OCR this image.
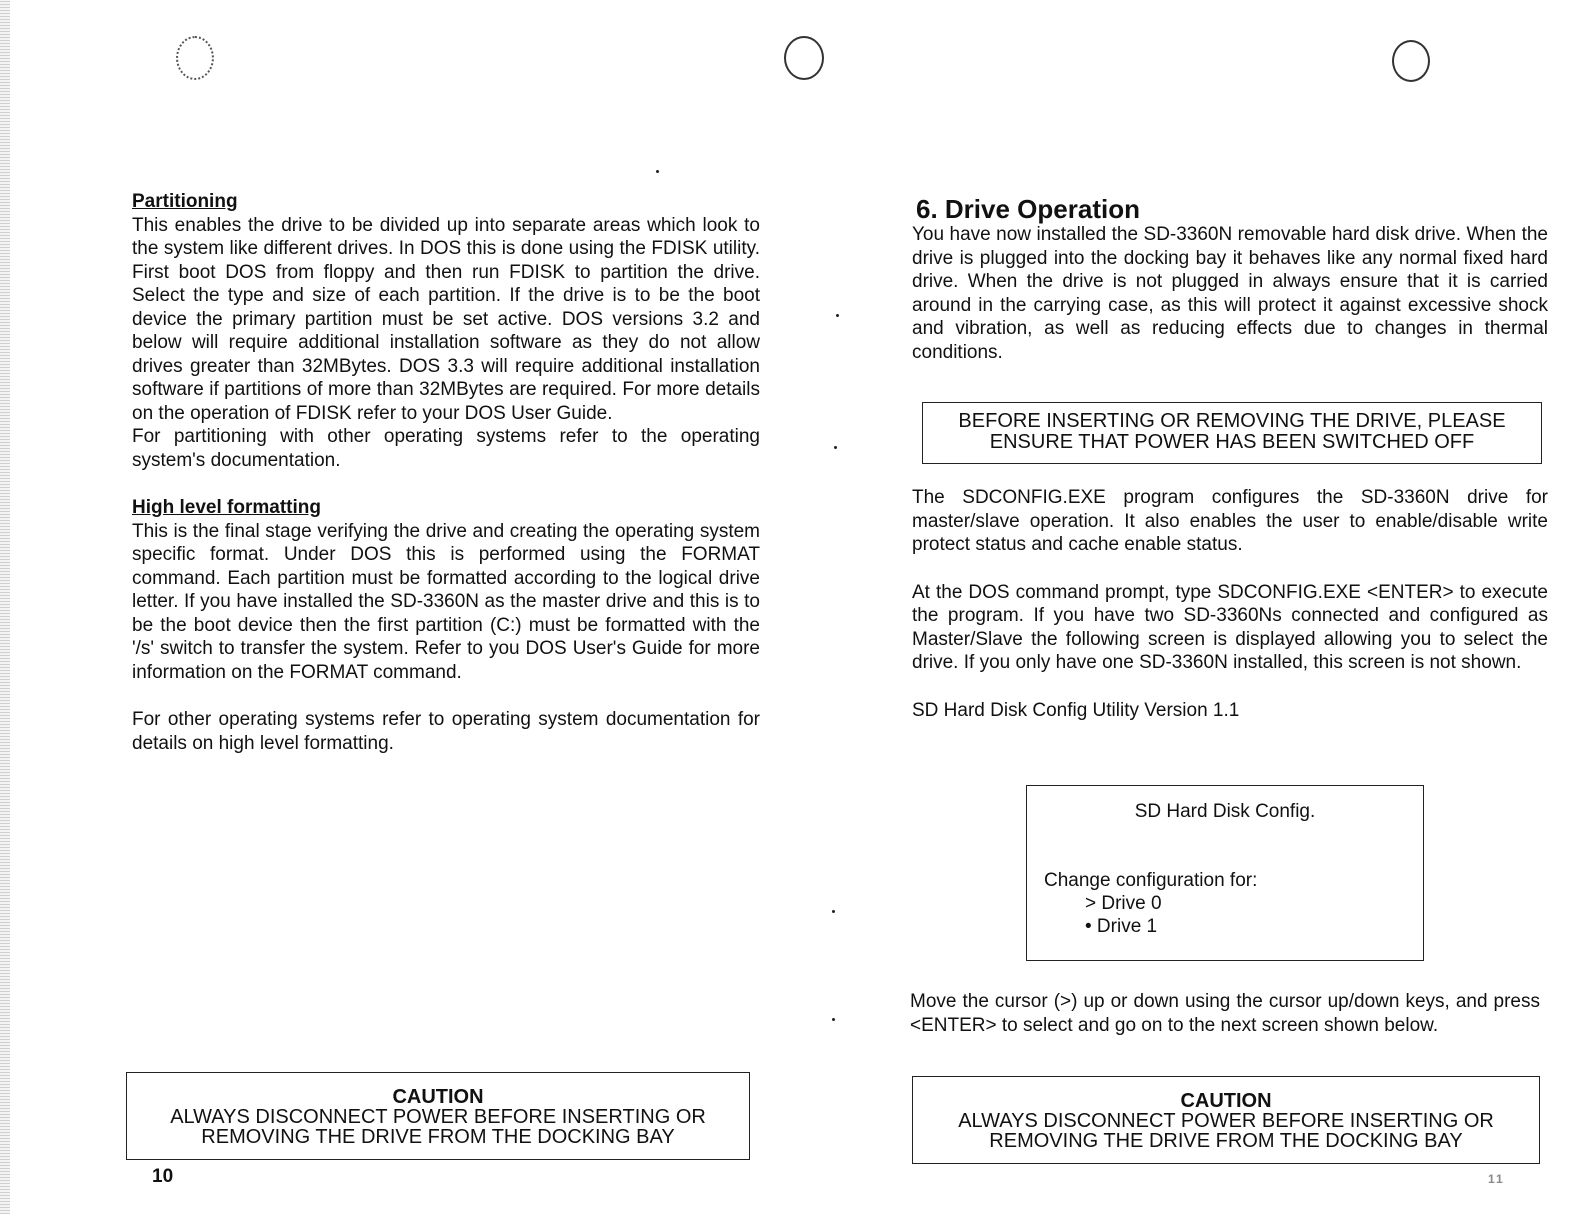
Partitioning

This enables the drive to be divided up into separate areas which look to the system like different drives. In DOS this is done using the FDISK utility. First boot DOS from floppy and then run FDISK to partition the drive. Select the type and size of each partition. If the drive is to be the boot device the primary partition must be set active. DOS versions 3.2 and below will require additional installation software as they do not allow drives greater than 32MBytes. DOS 3.3 will require additional installation software if partitions of more than 32MBytes are required. For more details on the operation of FDISK refer to your DOS User Guide.

For partitioning with other operating systems refer to the operating system's documentation.

High level formatting

This is the final stage verifying the drive and creating the operating system specific format. Under DOS this is performed using the FORMAT command. Each partition must be formatted according to the logical drive letter. If you have installed the SD-3360N as the master drive and this is to be the boot device then the first partition (C:) must be formatted with the '/s' switch to transfer the system. Refer to you DOS User's Guide for more information on the FORMAT command.

For other operating systems refer to operating system documentation for details on high level formatting.

CAUTION
ALWAYS DISCONNECT POWER BEFORE INSERTING OR
REMOVING THE DRIVE FROM THE DOCKING BAY
10
6. Drive Operation

You have now installed the SD-3360N removable hard disk drive. When the drive is plugged into the docking bay it behaves like any normal fixed hard drive. When the drive is not plugged in always ensure that it is carried around in the carrying case, as this will protect it against excessive shock and vibration, as well as reducing effects due to changes in thermal conditions.

BEFORE INSERTING OR REMOVING THE DRIVE, PLEASE
ENSURE THAT POWER HAS BEEN SWITCHED OFF

The SDCONFIG.EXE program configures the SD-3360N drive for master/slave operation. It also enables the user to enable/disable write protect status and cache enable status.

At the DOS command prompt, type SDCONFIG.EXE <ENTER> to execute the program. If you have two SD-3360Ns connected and configured as Master/Slave the following screen is displayed allowing you to select the drive. If you only have one SD-3360N installed, this screen is not shown.

SD Hard Disk Config Utility Version 1.1

SD Hard Disk Config.
Change configuration for:
> Drive 0
• Drive 1

Move the cursor (>) up or down using the cursor up/down keys, and press <ENTER> to select and go on to the next screen shown below.

CAUTION
ALWAYS DISCONNECT POWER BEFORE INSERTING OR
REMOVING THE DRIVE FROM THE DOCKING BAY
11
